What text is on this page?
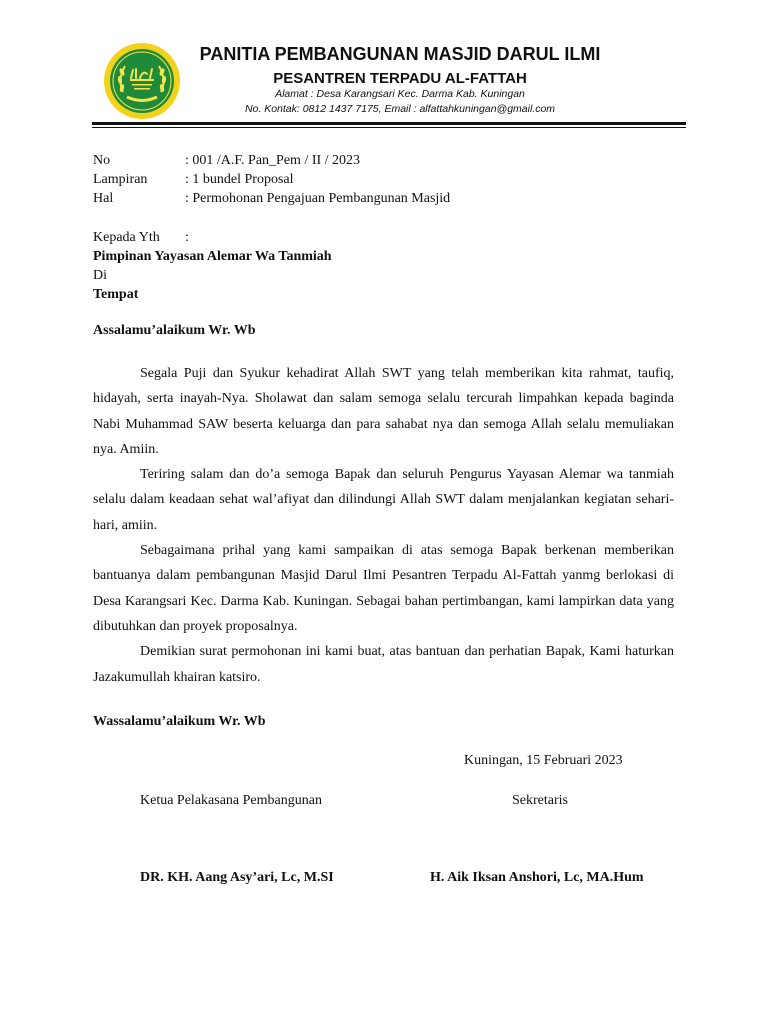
PANITIA PEMBANGUNAN MASJID DARUL ILMI
PESANTREN TERPADU AL-FATTAH
Alamat : Desa Karangsari Kec. Darma Kab. Kuningan
No. Kontak: 0812 1437 7175, Email : alfattahkuningan@gmail.com
No	: 001 /A.F. Pan_Pem / II / 2023
Lampiran	: 1 bundel Proposal
Hal	: Permohonan Pengajuan Pembangunan Masjid
Kepada Yth	:
Pimpinan Yayasan Alemar Wa Tanmiah
Di
Tempat
Assalamu’alaikum Wr. Wb

Segala Puji dan Syukur kehadirat Allah SWT yang telah memberikan kita rahmat, taufiq, hidayah, serta inayah-Nya. Sholawat dan salam semoga selalu tercurah limpahkan kepada baginda Nabi Muhammad SAW beserta keluarga dan para sahabat nya dan semoga Allah selalu memuliakan nya. Amiin.

Teriring salam dan do’a semoga Bapak dan seluruh Pengurus Yayasan Alemar wa tanmiah selalu dalam keadaan sehat wal’afiyat dan dilindungi Allah SWT dalam menjalankan kegiatan sehari-hari, amiin.

Sebagaimana prihal yang kami sampaikan di atas semoga Bapak berkenan memberikan bantuanya dalam pembangunan Masjid Darul Ilmi Pesantren Terpadu Al-Fattah yanmg berlokasi di Desa Karangsari Kec. Darma Kab. Kuningan. Sebagai bahan pertimbangan, kami lampirkan data yang dibutuhkan dan proyek proposalnya.

Demikian surat permohonan ini kami buat, atas bantuan dan perhatian Bapak, Kami haturkan Jazakumullah khairan katsiro.

Wassalamu’alaikum Wr. Wb
Kuningan, 15 Februari 2023
Ketua Pelakasana Pembangunan	Sekretaris
DR. KH. Aang Asy’ari, Lc, M.SI	H. Aik Iksan Anshori, Lc, MA.Hum
